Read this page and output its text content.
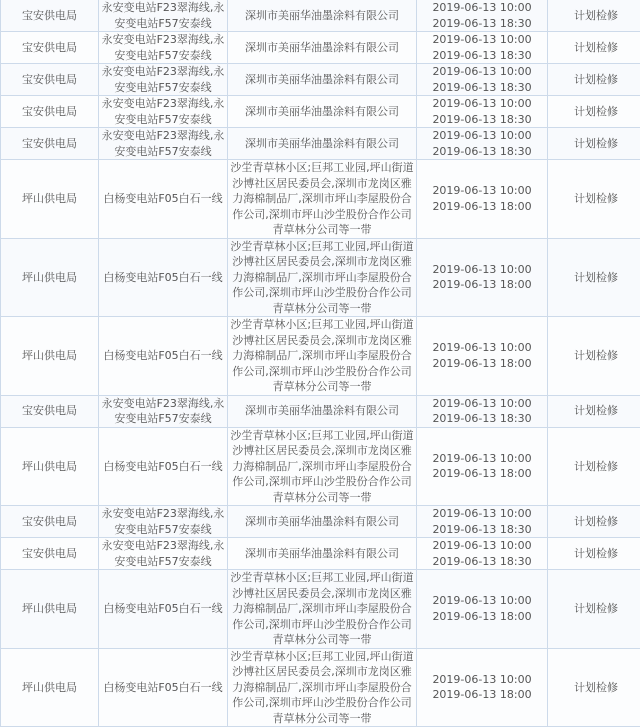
宝安供电局	永安变电站F23翠海线,永安变电站F57安泰线	深圳市美丽华油墨涂料有限公司	2019-06-13 10:00
2019-06-13 18:30	计划检修

宝安供电局	永安变电站F23翠海线,永安变电站F57安泰线	深圳市美丽华油墨涂料有限公司	2019-06-13 10:00
2019-06-13 18:30	计划检修

宝安供电局	永安变电站F23翠海线,永安变电站F57安泰线	深圳市美丽华油墨涂料有限公司	2019-06-13 10:00
2019-06-13 18:30	计划检修

宝安供电局	永安变电站F23翠海线,永安变电站F57安泰线	深圳市美丽华油墨涂料有限公司	2019-06-13 10:00
2019-06-13 18:30	计划检修

宝安供电局	永安变电站F23翠海线,永安变电站F57安泰线	深圳市美丽华油墨涂料有限公司	2019-06-13 10:00
2019-06-13 18:30	计划检修

坪山供电局	白杨变电站F05白石一线	沙坣青草林小区;巨邦工业园,坪山街道沙博社区居民委员会,深圳市龙岗区雅力海棉制品厂,深圳市坪山李屋股份合作公司,深圳市坪山沙坣股份合作公司青草林分公司等一带	2019-06-13 10:00
2019-06-13 18:00	计划检修

坪山供电局	白杨变电站F05白石一线	沙坣青草林小区;巨邦工业园,坪山街道沙博社区居民委员会,深圳市龙岗区雅力海棉制品厂,深圳市坪山李屋股份合作公司,深圳市坪山沙坣股份合作公司青草林分公司等一带	2019-06-13 10:00
2019-06-13 18:00	计划检修

坪山供电局	白杨变电站F05白石一线	沙坣青草林小区;巨邦工业园,坪山街道沙博社区居民委员会,深圳市龙岗区雅力海棉制品厂,深圳市坪山李屋股份合作公司,深圳市坪山沙坣股份合作公司青草林分公司等一带	2019-06-13 10:00
2019-06-13 18:00	计划检修

宝安供电局	永安变电站F23翠海线,永安变电站F57安泰线	深圳市美丽华油墨涂料有限公司	2019-06-13 10:00
2019-06-13 18:30	计划检修

坪山供电局	白杨变电站F05白石一线	沙坣青草林小区;巨邦工业园,坪山街道沙博社区居民委员会,深圳市龙岗区雅力海棉制品厂,深圳市坪山李屋股份合作公司,深圳市坪山沙坣股份合作公司青草林分公司等一带	2019-06-13 10:00
2019-06-13 18:00	计划检修

宝安供电局	永安变电站F23翠海线,永安变电站F57安泰线	深圳市美丽华油墨涂料有限公司	2019-06-13 10:00
2019-06-13 18:30	计划检修

宝安供电局	永安变电站F23翠海线,永安变电站F57安泰线	深圳市美丽华油墨涂料有限公司	2019-06-13 10:00
2019-06-13 18:30	计划检修

坪山供电局	白杨变电站F05白石一线	沙坣青草林小区;巨邦工业园,坪山街道沙博社区居民委员会,深圳市龙岗区雅力海棉制品厂,深圳市坪山李屋股份合作公司,深圳市坪山沙坣股份合作公司青草林分公司等一带	2019-06-13 10:00
2019-06-13 18:00	计划检修

坪山供电局	白杨变电站F05白石一线	沙坣青草林小区;巨邦工业园,坪山街道沙博社区居民委员会,深圳市龙岗区雅力海棉制品厂,深圳市坪山李屋股份合作公司,深圳市坪山沙坣股份合作公司青草林分公司等一带	2019-06-13 10:00
2019-06-13 18:00	计划检修
